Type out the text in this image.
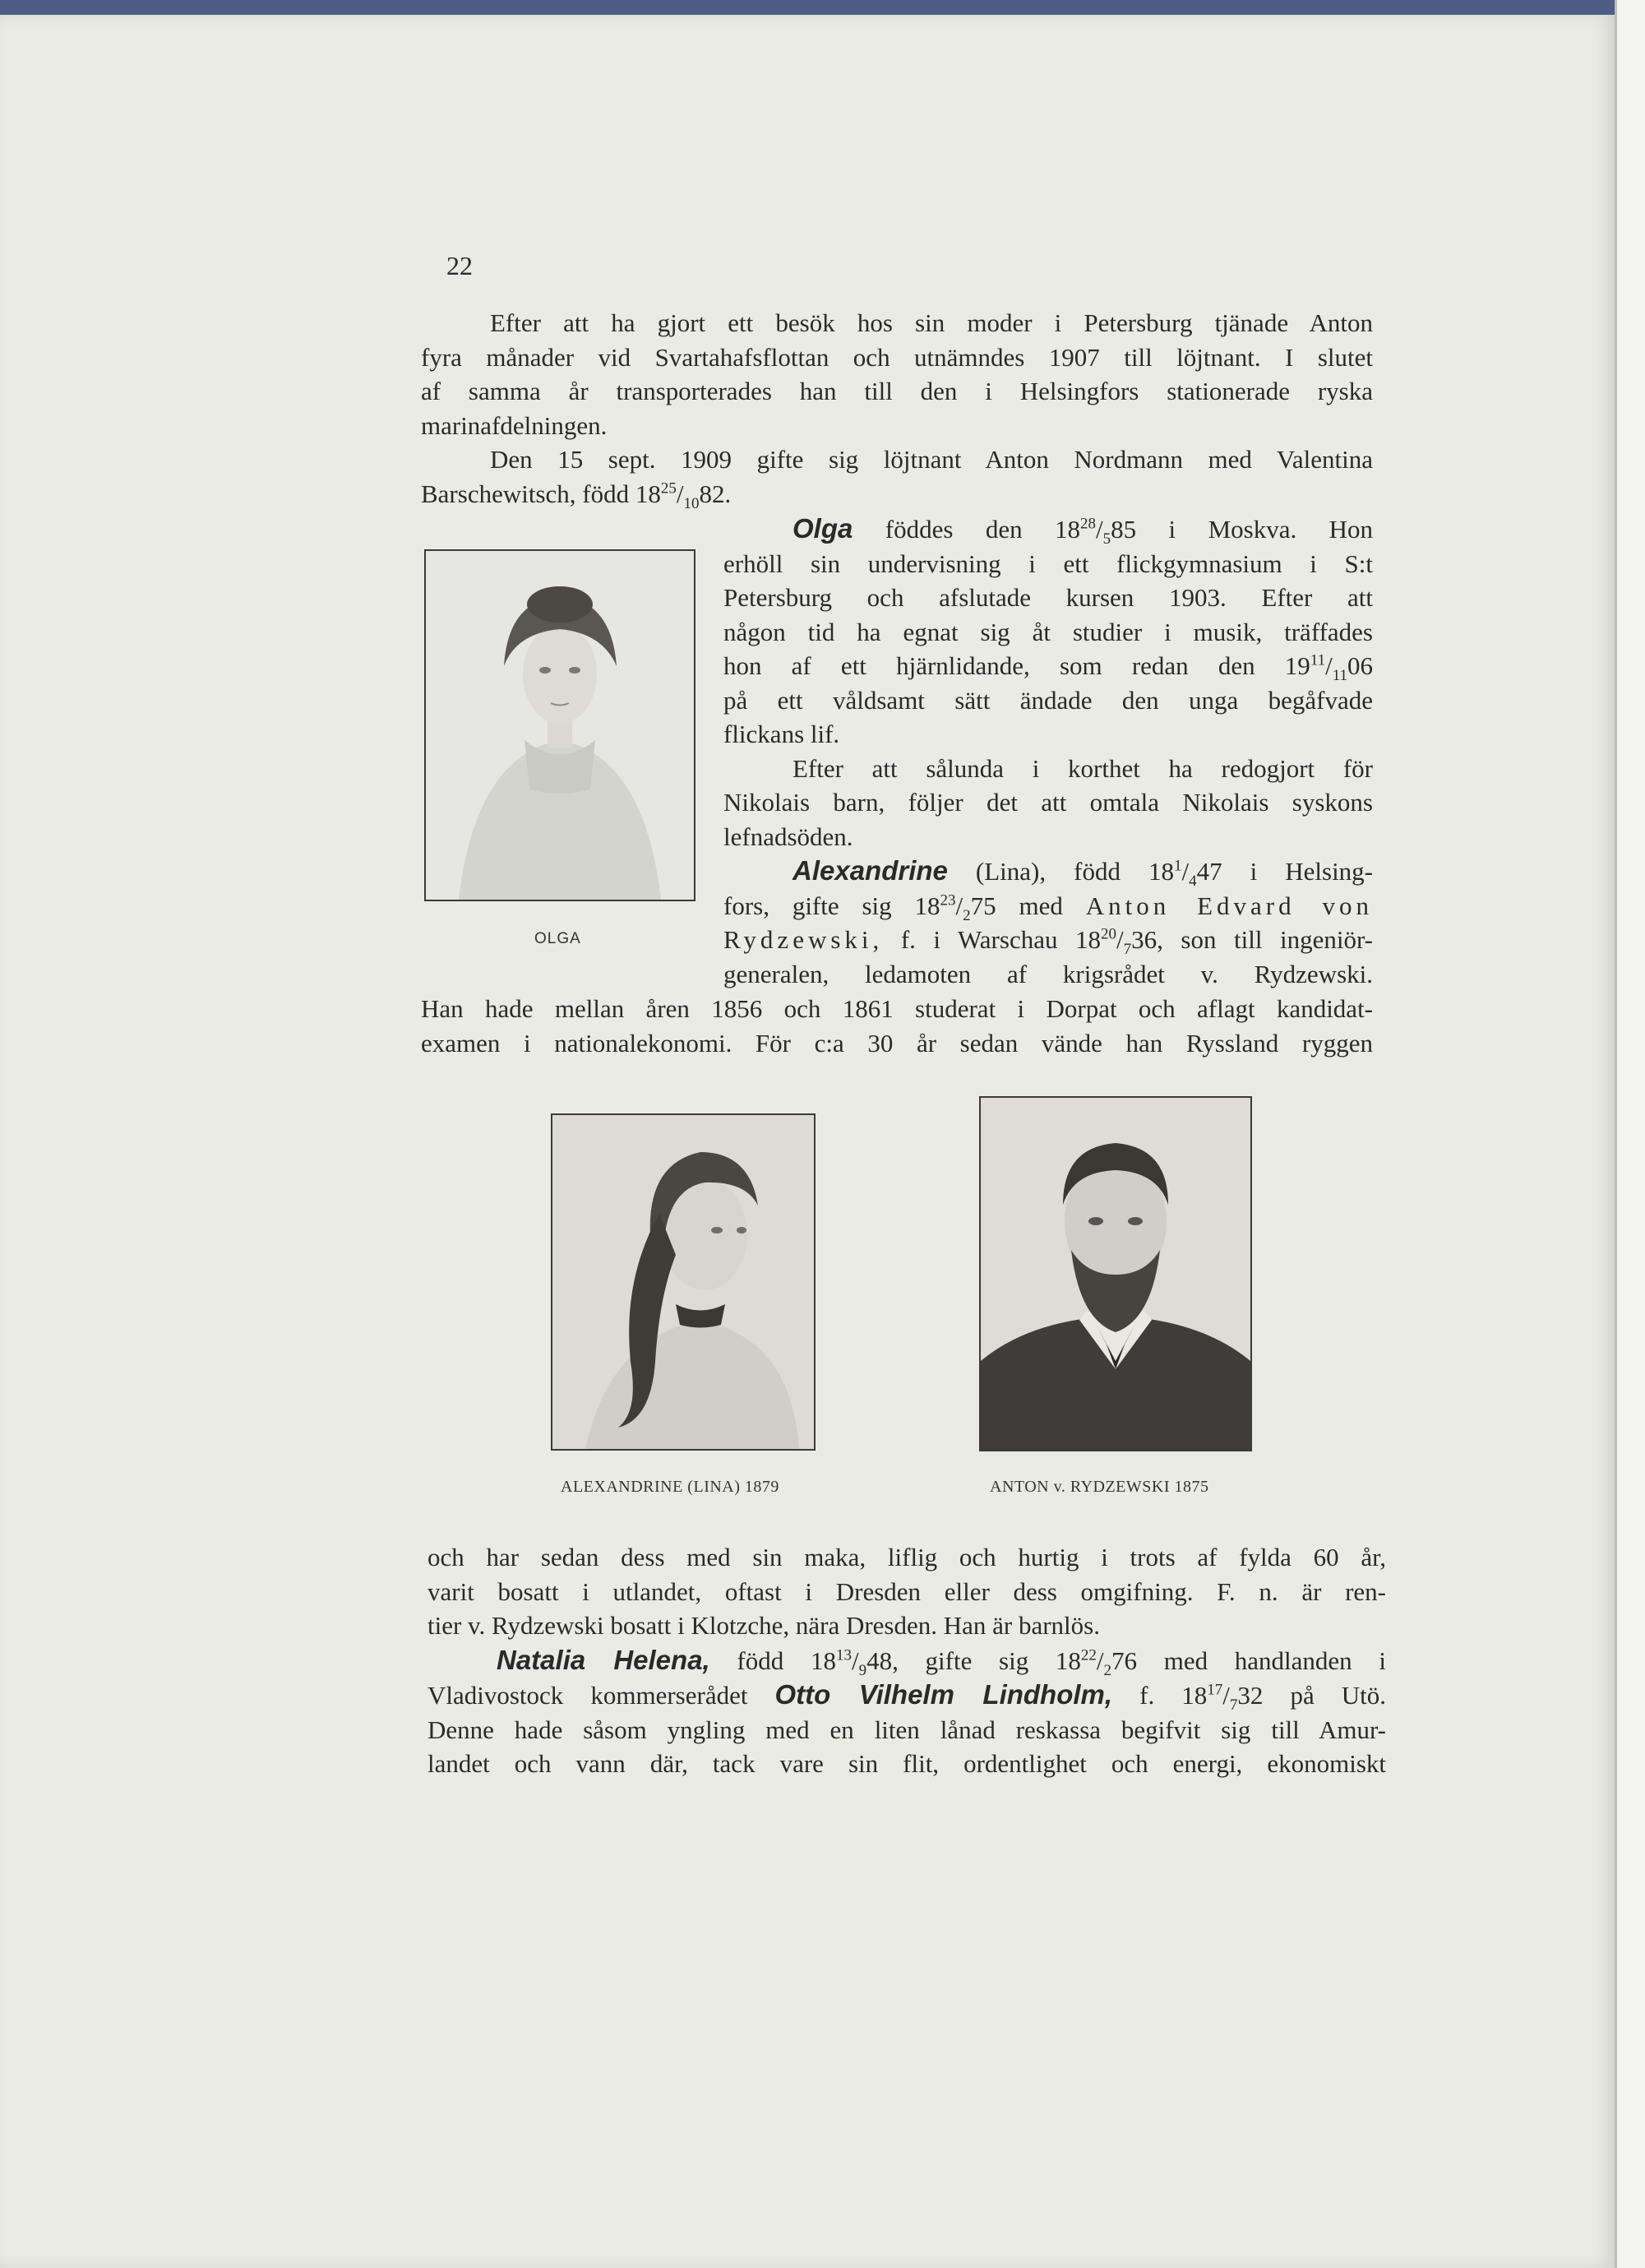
22
Efter att ha gjort ett besök hos sin moder i Petersburg tjänade Anton
fyra månader vid Svartahafsflottan och utnämndes 1907 till löjtnant. I slutet
af samma år transporterades han till den i Helsingfors stationerade ryska
marinafdelningen.
Den 15 sept. 1909 gifte sig löjtnant Anton Nordmann med Valentina
Barschewitsch, född $18^{25}/_{10}82$.
OLGA
Olga föddes den $18^{28}/_585$ i Moskva. Hon
erhöll sin undervisning i ett flickgymnasium i S:t
Petersburg och afslutade kursen 1903. Efter att
någon tid ha egnat sig åt studier i musik, träffades
hon af ett hjärnlidande, som redan den $19^{11}/_{11}06$
på ett våldsamt sätt ändade den unga begåfvade
flickans lif.
Efter att sålunda i korthet ha redogjort för
Nikolais barn, följer det att omtala Nikolais syskons
lefnadsöden.
Alexandrine (Lina), född $18^1/_447$ i Helsing-
fors, gifte sig $18^{23}/_275$ med Anton Edvard von
Rydzewski, f. i Warschau $18^{20}/_736$, son till ingeniör-
generalen, ledamoten af krigsrådet v. Rydzewski.
Han hade mellan åren 1856 och 1861 studerat i Dorpat och aflagt kandidat-
examen i nationalekonomi. För c:a 30 år sedan vände han Ryssland ryggen
ALEXANDRINE (LINA) 1879	ANTON v. RYDZEWSKI 1875
och har sedan dess med sin maka, liflig och hurtig i trots af fylda 60 år,
varit bosatt i utlandet, oftast i Dresden eller dess omgifning. F. n. är ren-
tier v. Rydzewski bosatt i Klotzche, nära Dresden. Han är barnlös.
Natalia Helena, född $18^{13}/_948$, gifte sig $18^{22}/_276$ med handlanden i
Vladivostock kommerserådet Otto Vilhelm Lindholm, f. $18^{17}/_732$ på Utö.
Denne hade såsom yngling med en liten lånad reskassa begifvit sig till Amur-
landet och vann där, tack vare sin flit, ordentlighet och energi, ekonomiskt
